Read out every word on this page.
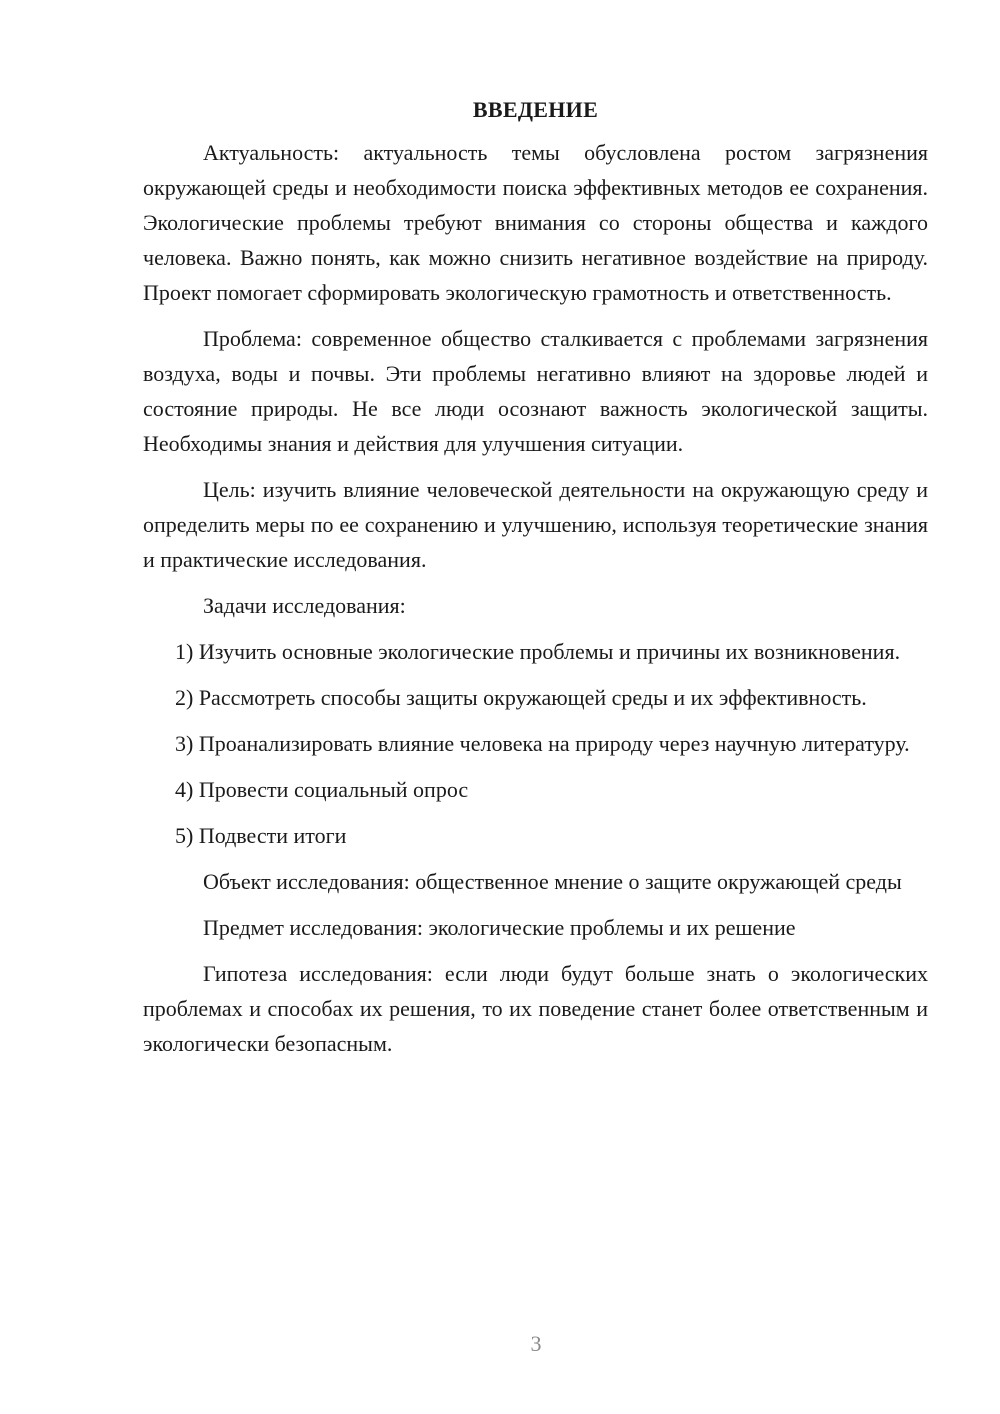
ВВЕДЕНИЕ

Актуальность: актуальность темы обусловлена ростом загрязнения окружающей среды и необходимости поиска эффективных методов ее сохранения. Экологические проблемы требуют внимания со стороны общества и каждого человека. Важно понять, как можно снизить негативное воздействие на природу. Проект помогает сформировать экологическую грамотность и ответственность.

Проблема: современное общество сталкивается с проблемами загрязнения воздуха, воды и почвы. Эти проблемы негативно влияют на здоровье людей и состояние природы. Не все люди осознают важность экологической защиты. Необходимы знания и действия для улучшения ситуации.

Цель: изучить влияние человеческой деятельности на окружающую среду и определить меры по ее сохранению и улучшению, используя теоретические знания и практические исследования.

Задачи исследования:

1) Изучить основные экологические проблемы и причины их возникновения.

2) Рассмотреть способы защиты окружающей среды и их эффективность.

3) Проанализировать влияние человека на природу через научную литературу.

4) Провести социальный опрос

5) Подвести итоги

Объект исследования: общественное мнение о защите окружающей среды

Предмет исследования: экологические проблемы и их решение

Гипотеза исследования: если люди будут больше знать о экологических проблемах и способах их решения, то их поведение станет более ответственным и экологически безопасным.

3
